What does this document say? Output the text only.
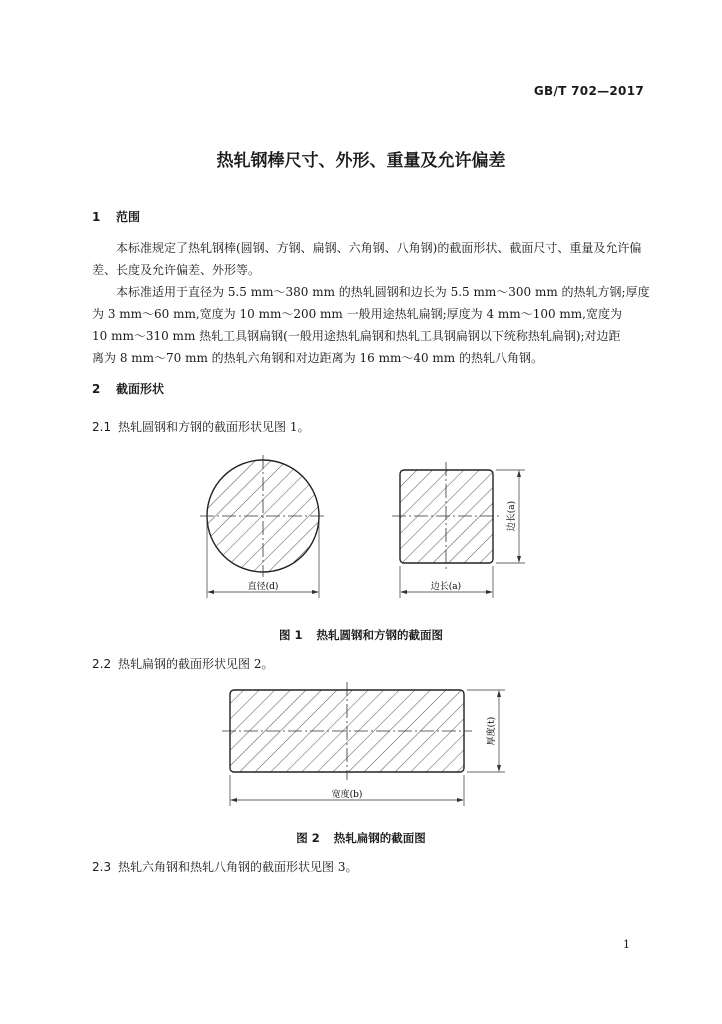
GB/T 702—2017
热轧钢棒尺寸、外形、重量及允许偏差
1 范围
本标准规定了热轧钢棒(圆钢、方钢、扁钢、六角钢、八角钢)的截面形状、截面尺寸、重量及允许偏
差、长度及允许偏差、外形等。
本标准适用于直径为 5.5 mm～380 mm 的热轧圆钢和边长为 5.5 mm～300 mm 的热轧方钢;厚度
为 3 mm～60 mm,宽度为 10 mm～200 mm 一般用途热轧扁钢;厚度为 4 mm～100 mm,宽度为
10 mm～310 mm 热轧工具钢扁钢(一般用途热轧扁钢和热轧工具钢扁钢以下统称热轧扁钢);对边距
离为 8 mm～70 mm 的热轧六角钢和对边距离为 16 mm～40 mm 的热轧八角钢。
2 截面形状
2.1 热轧圆钢和方钢的截面形状见图 1。
直径(d)	边长(a)
边长(a)
图 1 热轧圆钢和方钢的截面图
2.2 热轧扁钢的截面形状见图 2。
宽度(b)
厚度(t)
图 2 热轧扁钢的截面图
2.3 热轧六角钢和热轧八角钢的截面形状见图 3。
1
